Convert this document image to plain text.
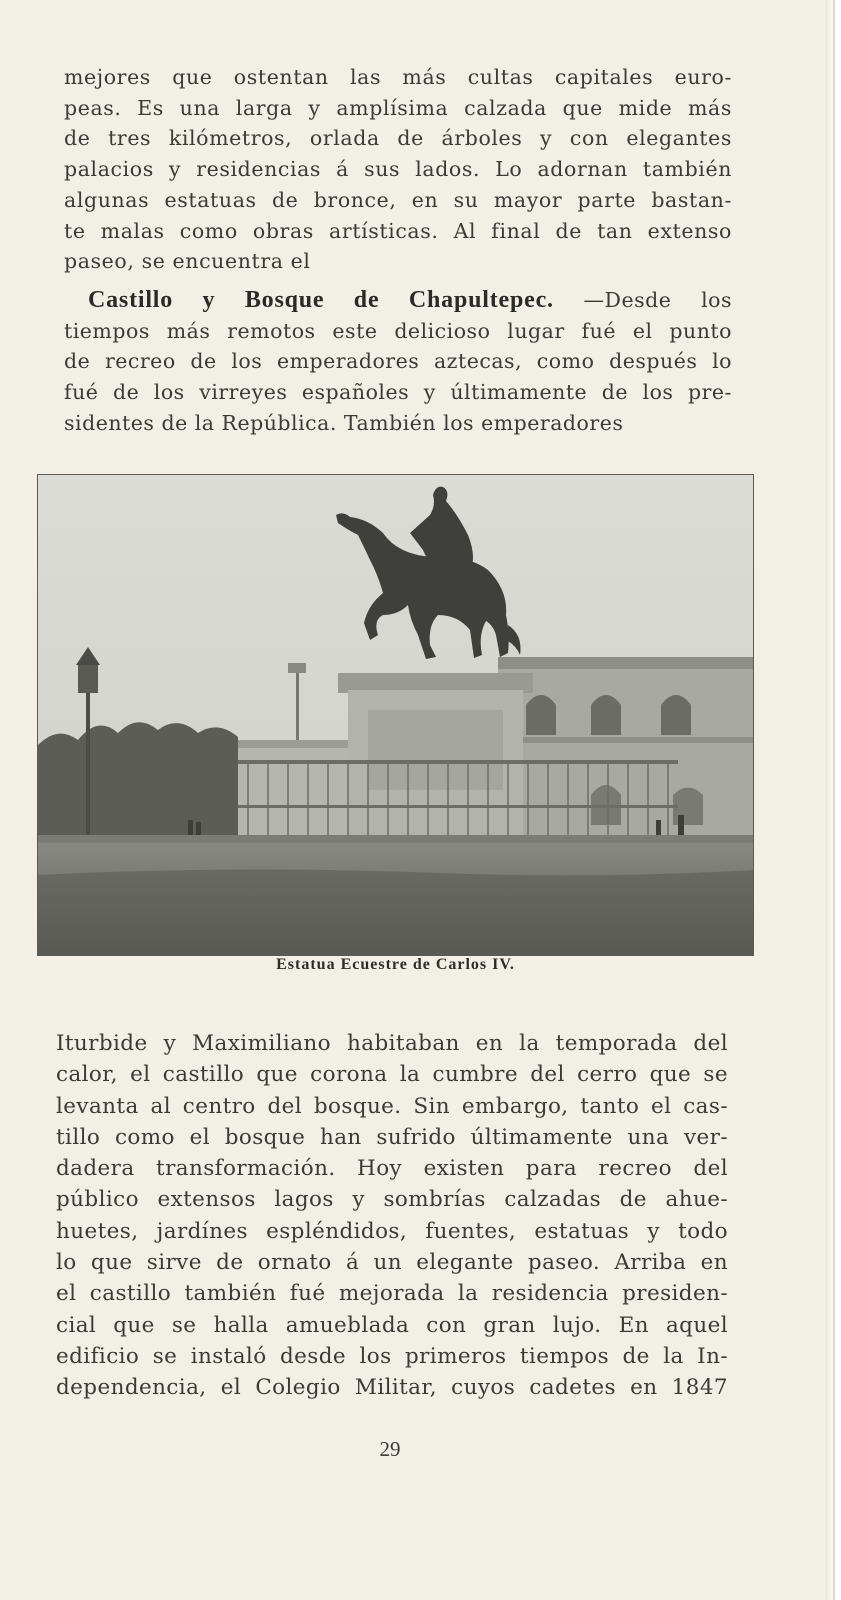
mejores que ostentan las más cultas capitales euro-

peas. Es una larga y amplísima calzada que mide más

de tres kilómetros, orlada de árboles y con elegantes

palacios y residencias á sus lados. Lo adornan también

algunas estatuas de bronce, en su mayor parte bastan-

te malas como obras artísticas. Al final de tan extenso

paseo, se encuentra el

Castillo y Bosque de Chapultepec. —Desde los

tiempos más remotos este delicioso lugar fué el punto

de recreo de los emperadores aztecas, como después lo

fué de los virreyes españoles y últimamente de los pre-

sidentes de la República. También los emperadores

Estatua Ecuestre de Carlos IV.

Iturbide y Maximiliano habitaban en la temporada del

calor, el castillo que corona la cumbre del cerro que se

levanta al centro del bosque. Sin embargo, tanto el cas-

tillo como el bosque han sufrido últimamente una ver-

dadera transformación. Hoy existen para recreo del

público extensos lagos y sombrías calzadas de ahue-

huetes, jardínes espléndidos, fuentes, estatuas y todo

lo que sirve de ornato á un elegante paseo. Arriba en

el castillo también fué mejorada la residencia presiden-

cial que se halla amueblada con gran lujo. En aquel

edificio se instaló desde los primeros tiempos de la In-

dependencia, el Colegio Militar, cuyos cadetes en 1847

29
